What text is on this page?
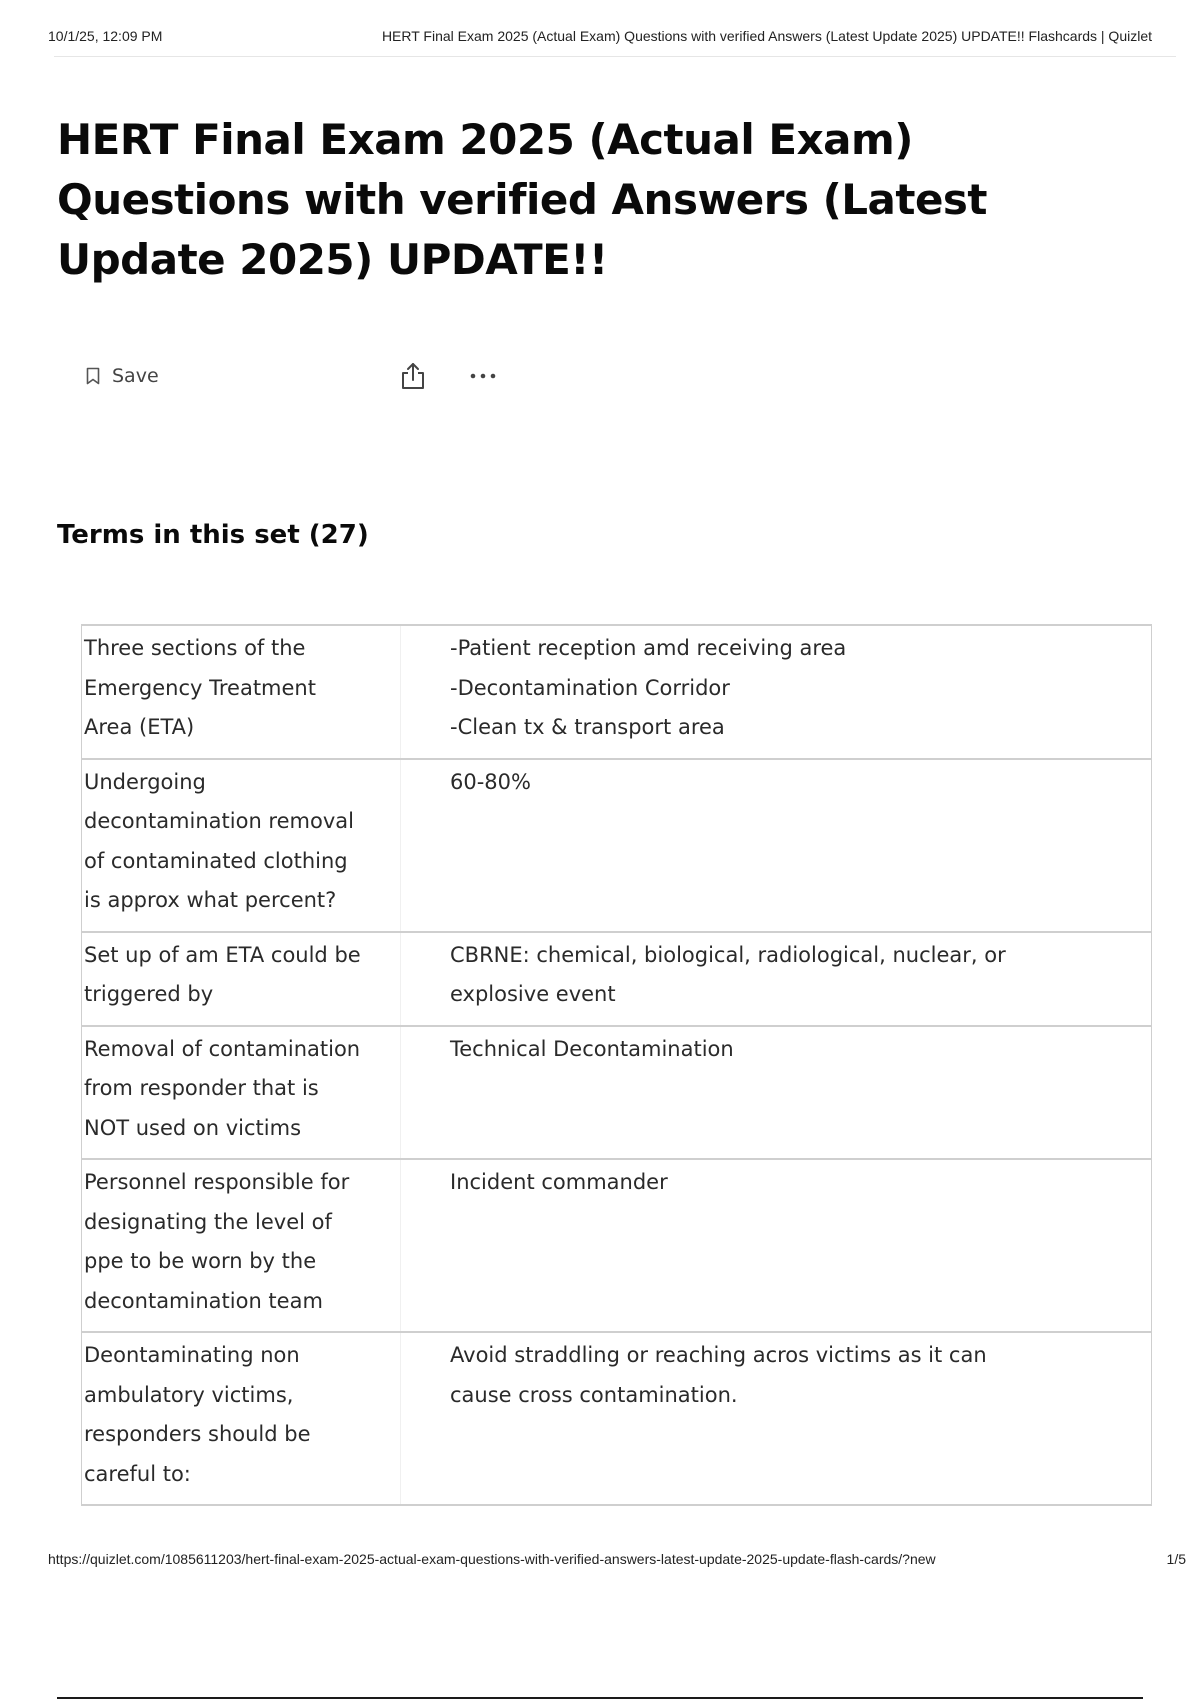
10/1/25, 12:09 PM	HERT Final Exam 2025 (Actual Exam) Questions with verified Answers (Latest Update 2025) UPDATE!! Flashcards | Quizlet
HERT Final Exam 2025 (Actual Exam) Questions with verified Answers (Latest Update 2025) UPDATE!!
Save
Terms in this set (27)
Three sections of the
Emergency Treatment
Area (ETA)	-Patient reception amd receiving area
-Decontamination Corridor
-Clean tx & transport area

Undergoing
decontamination removal
of contaminated clothing
is approx what percent?	60-80%

Set up of am ETA could be
triggered by	CBRNE: chemical, biological, radiological, nuclear, or
explosive event

Removal of contamination
from responder that is
NOT used on victims	Technical Decontamination

Personnel responsible for
designating the level of
ppe to be worn by the
decontamination team	Incident commander

Deontaminating non
ambulatory victims,
responders should be
careful to:	Avoid straddling or reaching acros victims as it can
cause cross contamination.
https://quizlet.com/1085611203/hert-final-exam-2025-actual-exam-questions-with-verified-answers-latest-update-2025-update-flash-cards/?new	1/5
